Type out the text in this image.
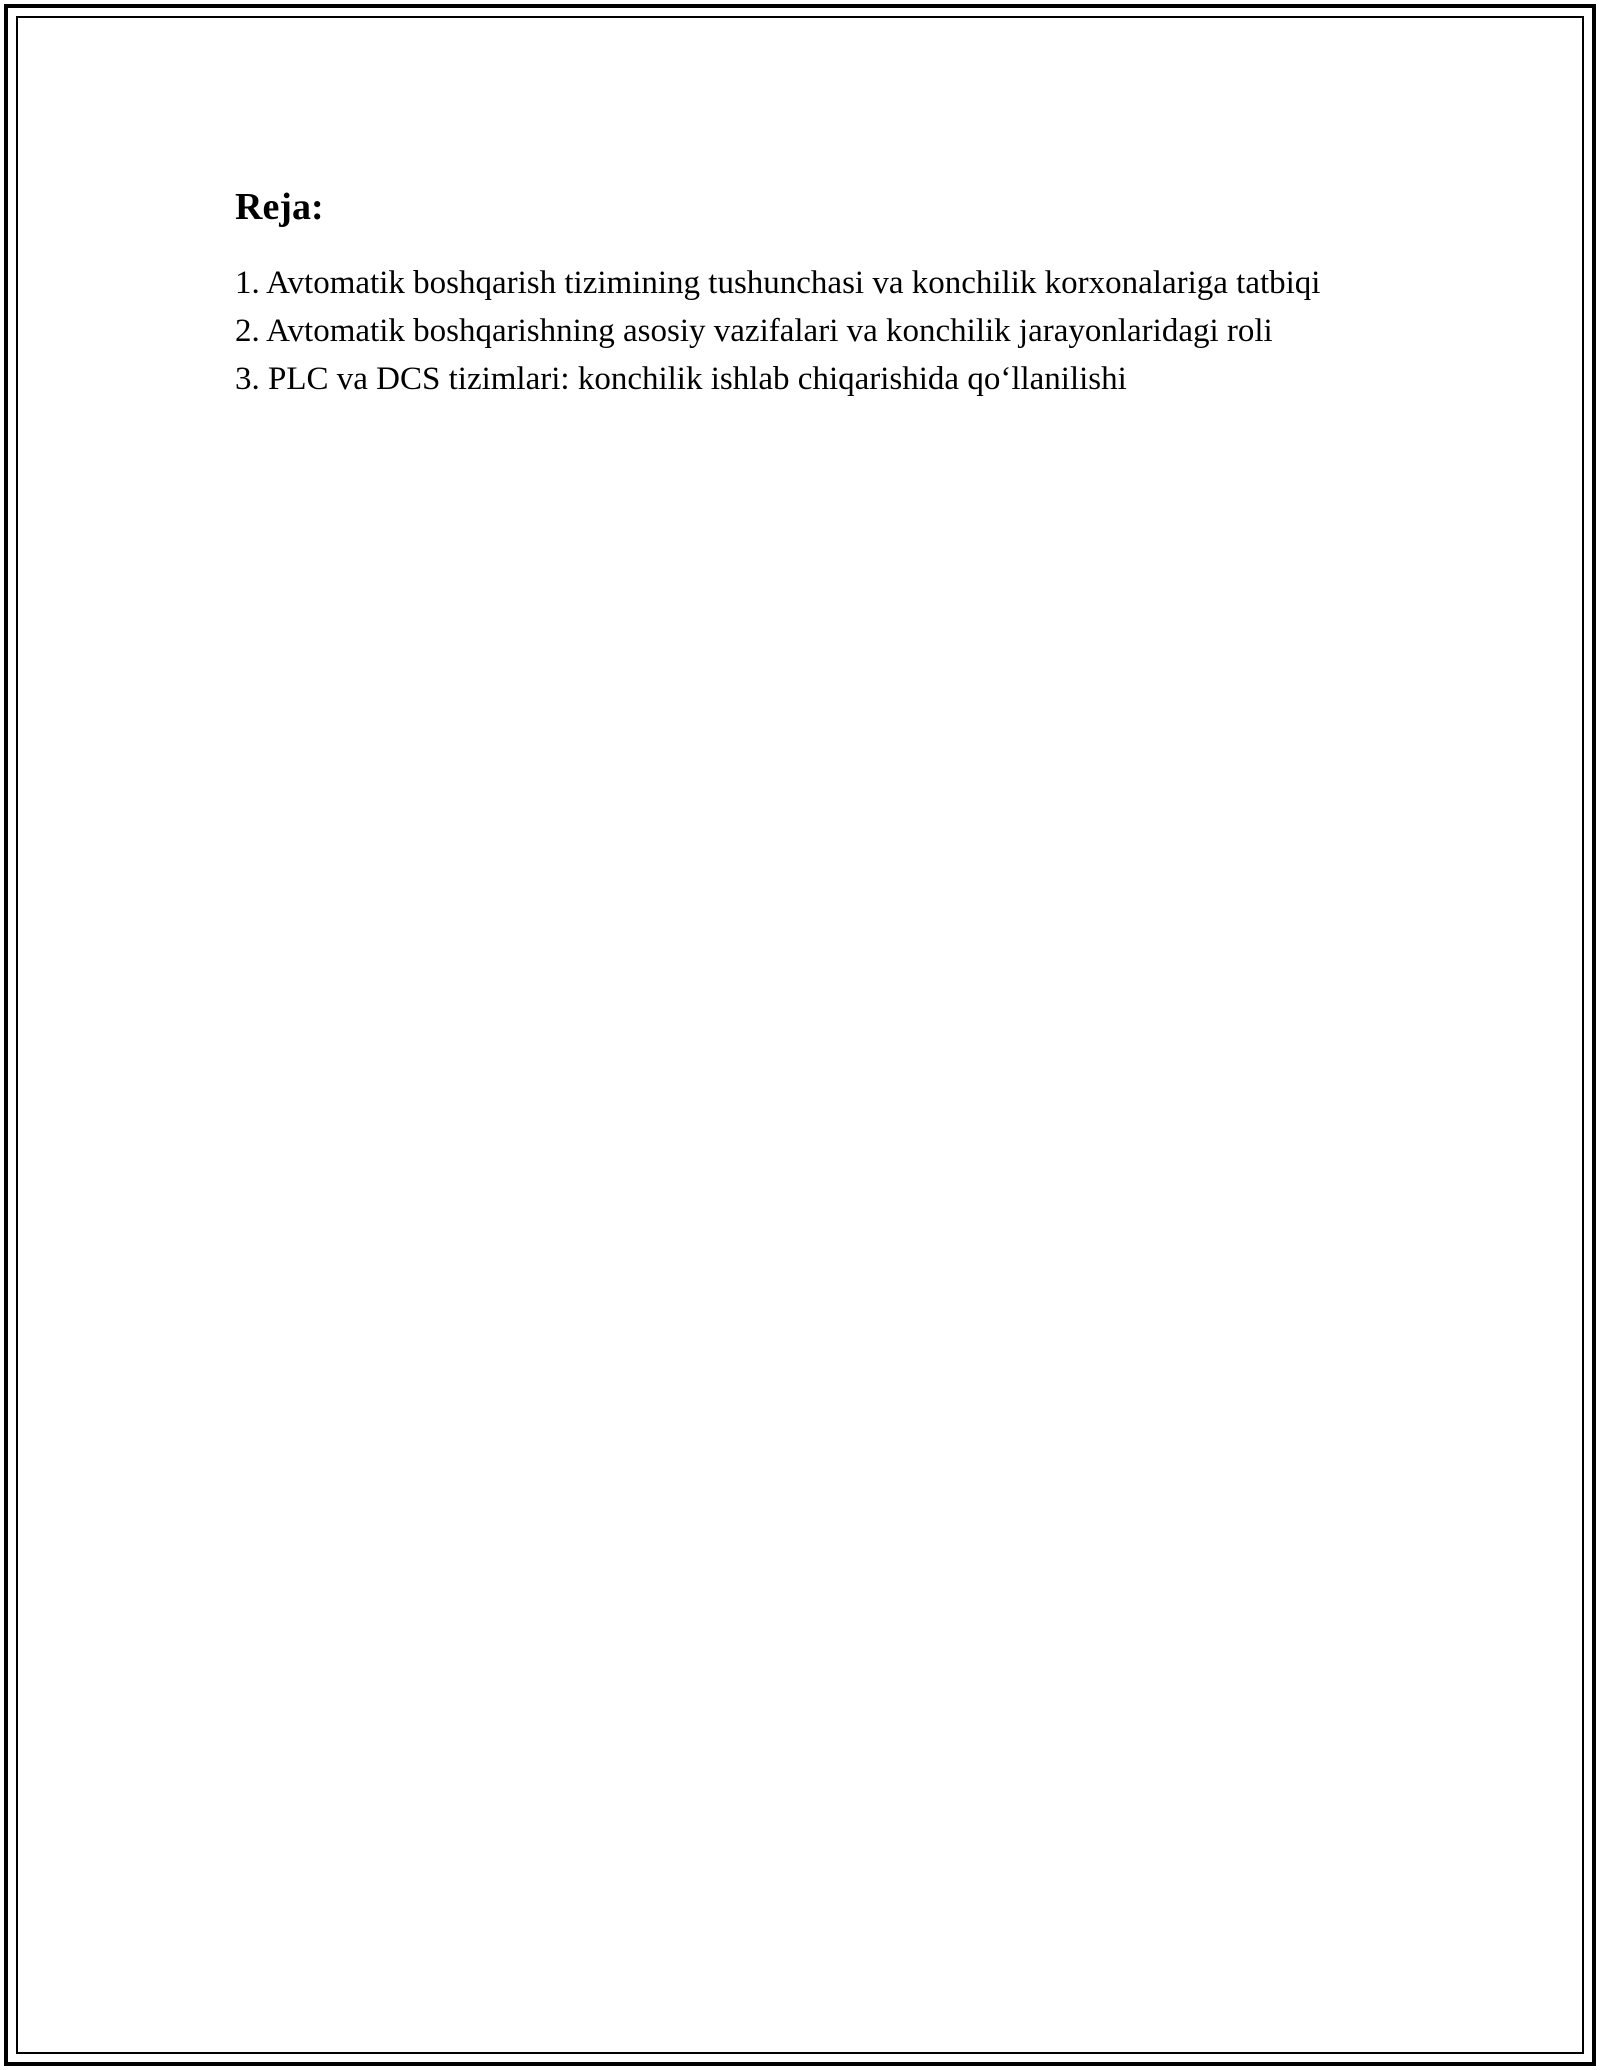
Reja:
1. Avtomatik boshqarish tizimining tushunchasi va konchilik korxonalariga tatbiqi
2. Avtomatik boshqarishning asosiy vazifalari va konchilik jarayonlaridagi roli
3. PLC va DCS tizimlari: konchilik ishlab chiqarishida qo‘llanilishi
